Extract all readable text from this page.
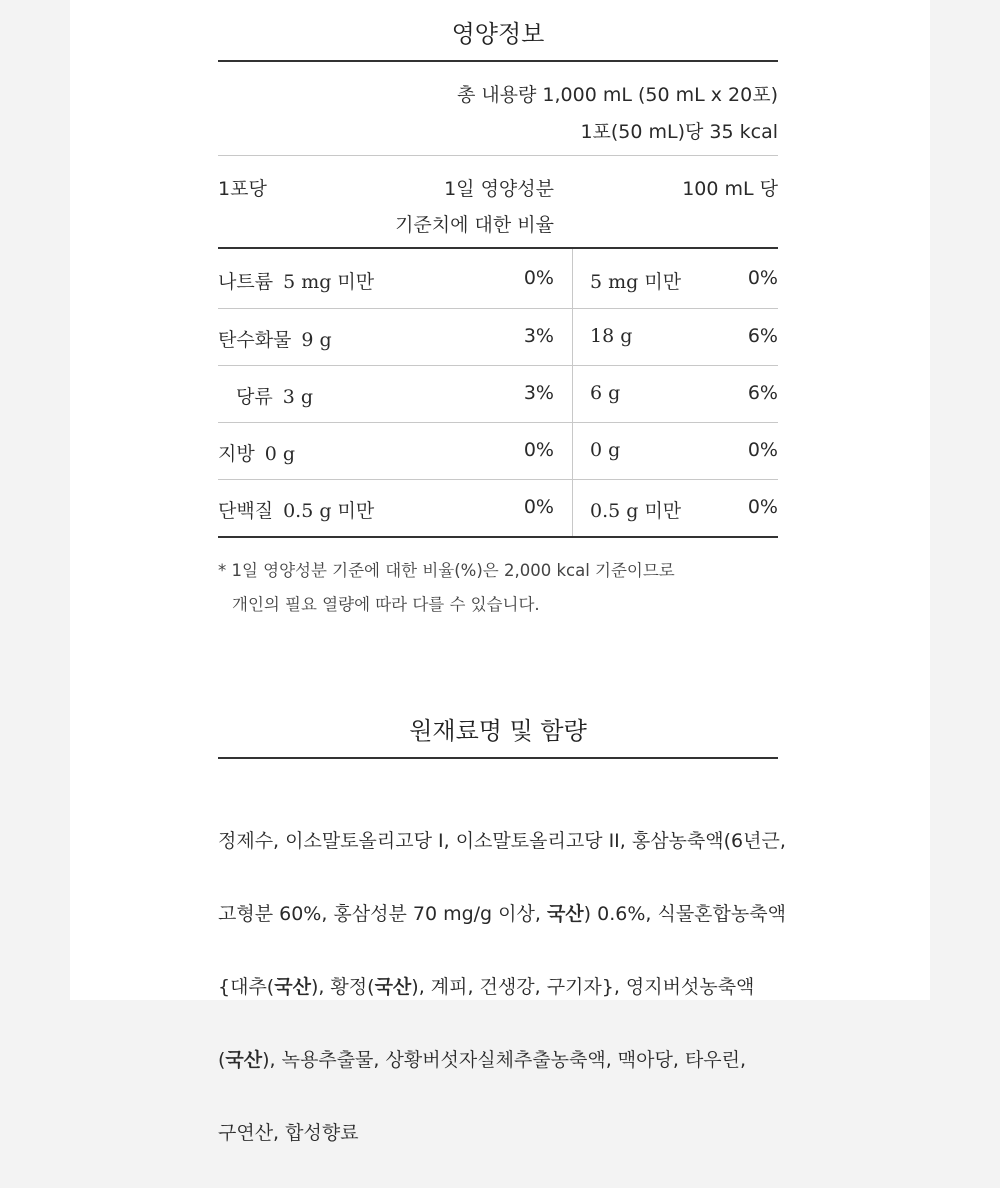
영양정보
총 내용량 1,000 mL (50 mL x 20포)
1포(50 mL)당 35 kcal
1포당	1일 영양성분
기준치에 대한 비율
100 mL 당
나트륨 5 mg 미만	0% 5 mg 미만	0%
탄수화물 9 g	3% 18 g	6%
당류 3 g	3% 6 g	6%
지방 0 g	0% 0 g	0%
단백질 0.5 g 미만	0% 0.5 g 미만	0%
* 1일 영양성분 기준에 대한 비율(%)은 2,000 kcal 기준이므로
개인의 필요 열량에 따라 다를 수 있습니다.
원재료명 및 함량

정제수, 이소말토올리고당 I, 이소말토올리고당 II, 홍삼농축액(6년근,

고형분 60%, 홍삼성분 70 mg/g 이상, 국산) 0.6%, 식물혼합농축액

{대추(국산), 황정(국산), 계피, 건생강, 구기자}, 영지버섯농축액

(국산), 녹용추출물, 상황버섯자실체추출농축액, 맥아당, 타우린,

구연산, 합성향료
